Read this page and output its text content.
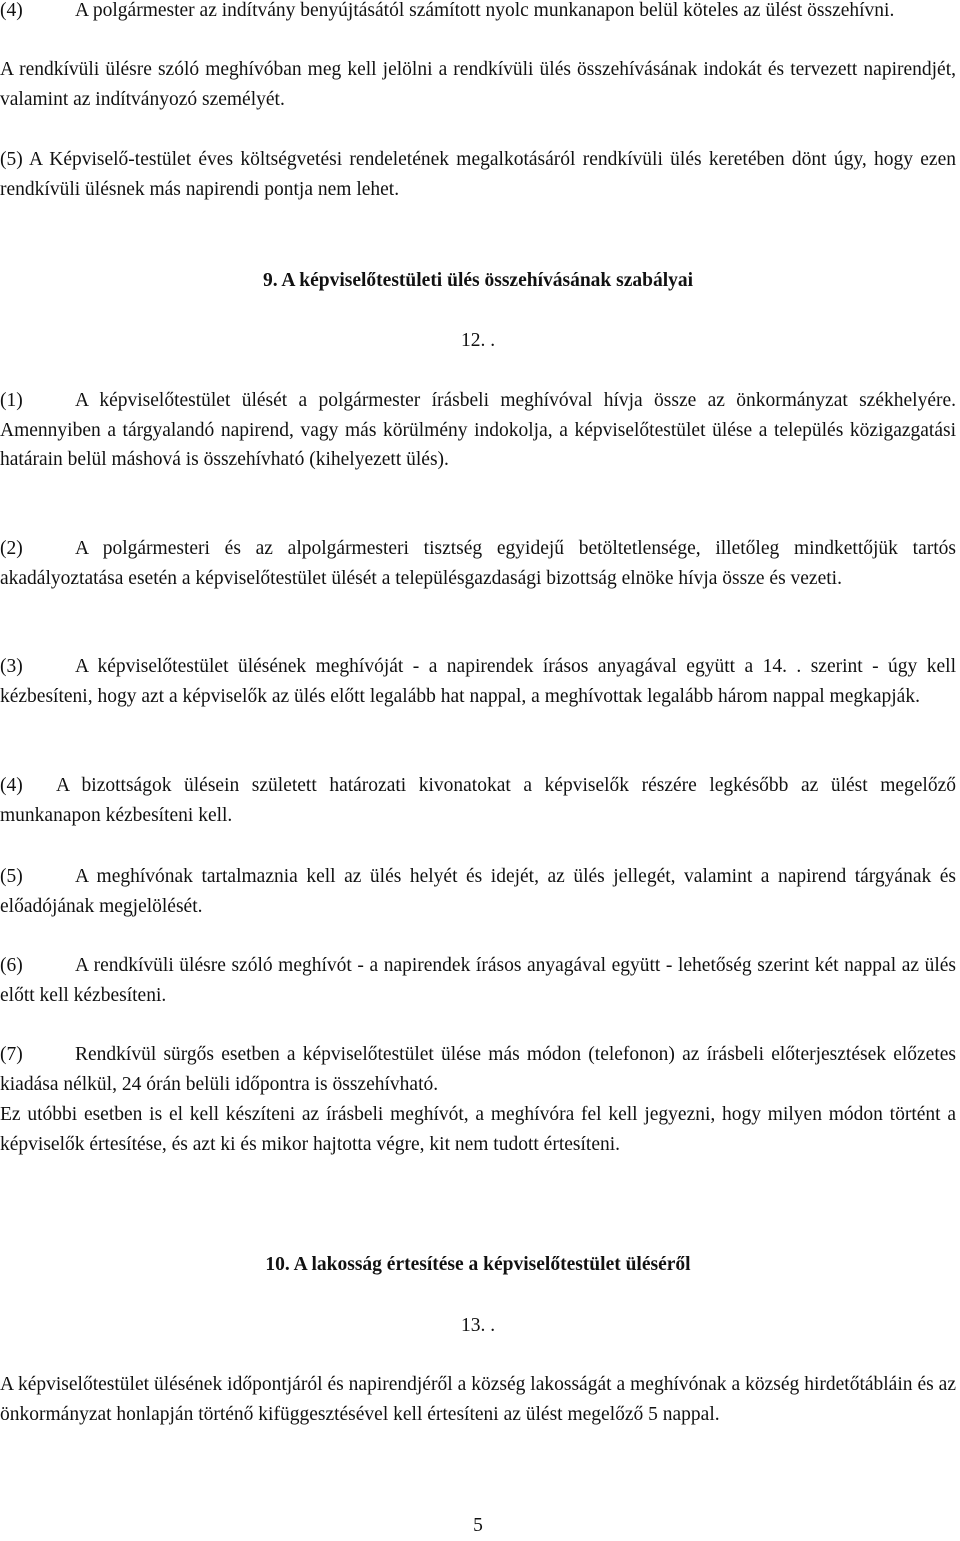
(4)	A polgármester az indítvány benyújtásától számított nyolc munkanapon belül köteles az ülést összehívni.

A rendkívüli ülésre szóló meghívóban meg kell jelölni a rendkívüli ülés összehívásának indokát és tervezett napirendjét, valamint az indítványozó személyét.

(5) A Képviselő-testület éves költségvetési rendeletének megalkotásáról rendkívüli ülés keretében dönt úgy, hogy ezen rendkívüli ülésnek más napirendi pontja nem lehet.

9. A képviselőtestületi ülés összehívásának szabályai

12. .

(1)	A képviselőtestület ülését a polgármester írásbeli meghívóval hívja össze az önkormányzat székhelyére. Amennyiben a tárgyalandó napirend, vagy más körülmény indokolja, a képviselőtestület ülése a település közigazgatási határain belül máshová is összehívható (kihelyezett ülés).

(2)	A polgármesteri és az alpolgármesteri tisztség egyidejű betöltetlensége, illetőleg mindkettőjük tartós akadályoztatása esetén a képviselőtestület ülését a településgazdasági bizottság elnöke hívja össze és vezeti.

(3)	A képviselőtestület ülésének meghívóját - a napirendek írásos anyagával együtt a 14. . szerint - úgy kell kézbesíteni, hogy azt a képviselők az ülés előtt legalább hat nappal, a meghívottak legalább három nappal megkapják.

(4) A bizottságok ülésein született határozati kivonatokat a képviselők részére legkésőbb az ülést megelőző munkanapon kézbesíteni kell.

(5)	A meghívónak tartalmaznia kell az ülés helyét és idejét, az ülés jellegét, valamint a napirend tárgyának és előadójának megjelölését.

(6)	A rendkívüli ülésre szóló meghívót - a napirendek írásos anyagával együtt - lehetőség szerint két nappal az ülés előtt kell kézbesíteni.

(7)	Rendkívül sürgős esetben a képviselőtestület ülése más módon (telefonon) az írásbeli előterjesztések előzetes kiadása nélkül, 24 órán belüli időpontra is összehívható.

Ez utóbbi esetben is el kell készíteni az írásbeli meghívót, a meghívóra fel kell jegyezni, hogy milyen módon történt a képviselők értesítése, és azt ki és mikor hajtotta végre, kit nem tudott értesíteni.

10. A lakosság értesítése a képviselőtestület üléséről

13. .

A képviselőtestület ülésének időpontjáról és napirendjéről a község lakosságát a meghívónak a község hirdetőtábláin és az önkormányzat honlapján történő kifüggesztésével kell értesíteni az ülést megelőző 5 nappal.

5
